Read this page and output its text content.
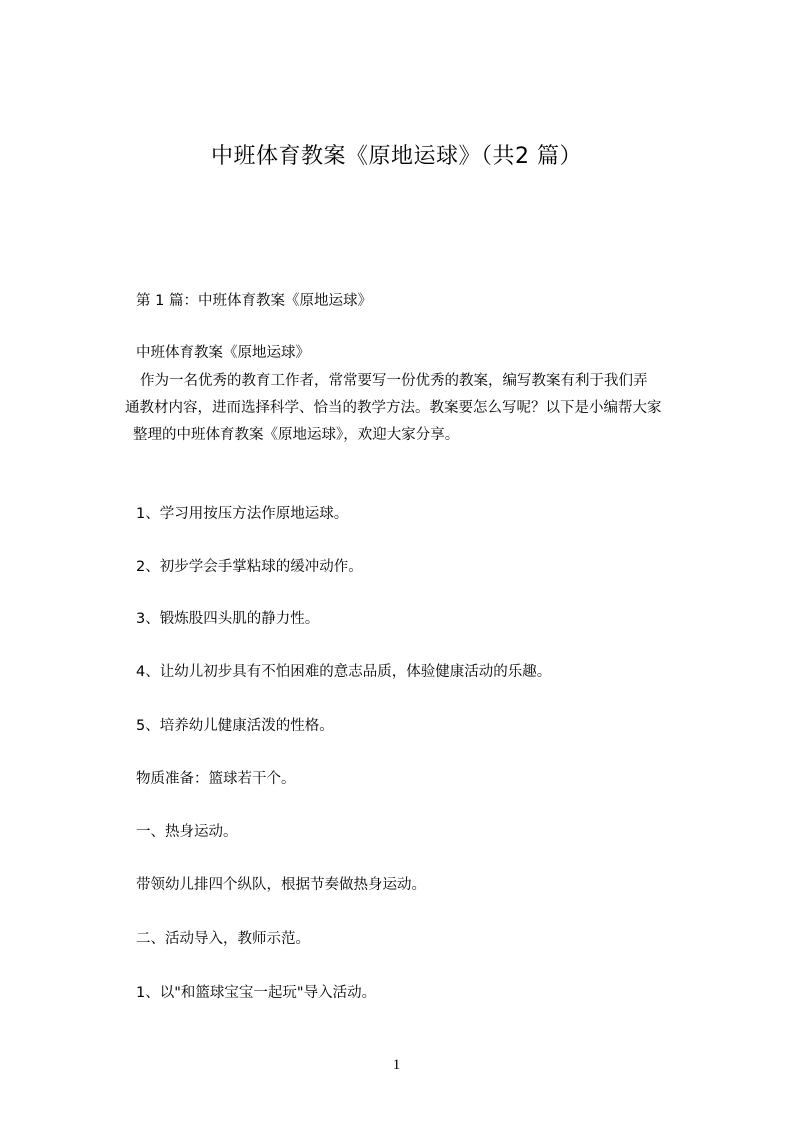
中班体育教案《原地运球》（共2 篇）
第 1 篇：中班体育教案《原地运球》
中班体育教案《原地运球》
作为一名优秀的教育工作者，常常要写一份优秀的教案，编写教案有利于我们弄
通教材内容，进而选择科学、恰当的教学方法。教案要怎么写呢？以下是小编帮大家
整理的中班体育教案《原地运球》，欢迎大家分享。
1、学习用按压方法作原地运球。
2、初步学会手掌粘球的缓冲动作。
3、锻炼股四头肌的静力性。
4、让幼儿初步具有不怕困难的意志品质，体验健康活动的乐趣。
5、培养幼儿健康活泼的性格。
物质准备：篮球若干个。
一、热身运动。
带领幼儿排四个纵队，根据节奏做热身运动。
二、活动导入，教师示范。
1、以"和篮球宝宝一起玩"导入活动。
1
